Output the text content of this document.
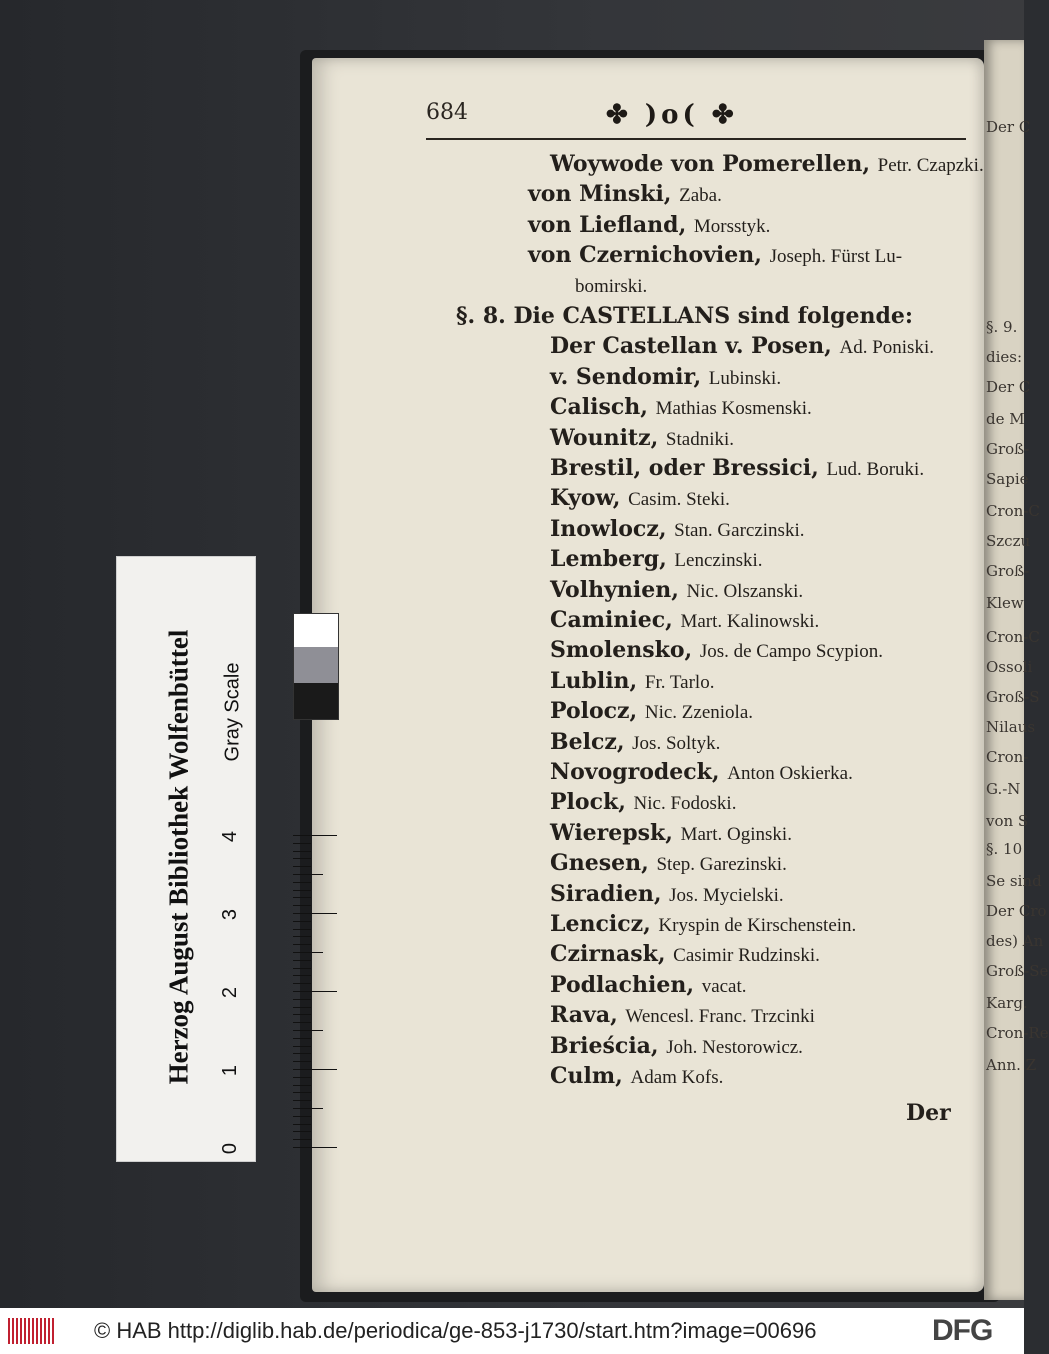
Der C
§. 9.
dies:
Der C
de M
Groß-
Sapie
Cron-C
Szczu
Groß-
Klew
Cron-C
Ossoli
Groß-S
Nilaus
Cron-
G.-N
von S
§. 10
Se sind
Der Cro
des) An
Groß-Se
Karg.
Cron-Re
Ann. Z
684	✤ )o( ✤
Woywode von Pomerellen, Petr. Czapzki.
von Minski, Zaba.
von Liefland, Morsstyk.
von Czernichovien, Joseph. Fürst Lu-
bomirski.
§. 8. Die CASTELLANS sind folgende:
Der Castellan v. Posen, Ad. Poniski.
v. Sendomir, Lubinski.
Calisch, Mathias Kosmenski.
Wounitz, Stadniki.
Brestil, oder Bressici, Lud. Boruki.
Kyow, Casim. Steki.
Inowlocz, Stan. Garczinski.
Lemberg, Lenczinski.
Volhynien, Nic. Olszanski.
Caminiec, Mart. Kalinowski.
Smolensko, Jos. de Campo Scypion.
Lublin, Fr. Tarlo.
Polocz, Nic. Zzeniola.
Belcz, Jos. Soltyk.
Novogrodeck, Anton Oskierka.
Plock, Nic. Fodoski.
Wierepsk, Mart. Oginski.
Gnesen, Step. Garezinski.
Siradien, Jos. Mycielski.
Lencicz, Kryspin de Kirschenstein.
Czirnask, Casimir Rudzinski.
Podlachien, vacat.
Rava, Wencesl. Franc. Trzcinki
Brieścia, Joh. Nestorowicz.
Culm, Adam Kofs.
Der
Herzog August Bibliothek Wolfenbüttel Gray Scale
0
1
2
3
4
© HAB http://diglib.hab.de/periodica/ge-853-j1730/start.htm?image=00696	DFG
